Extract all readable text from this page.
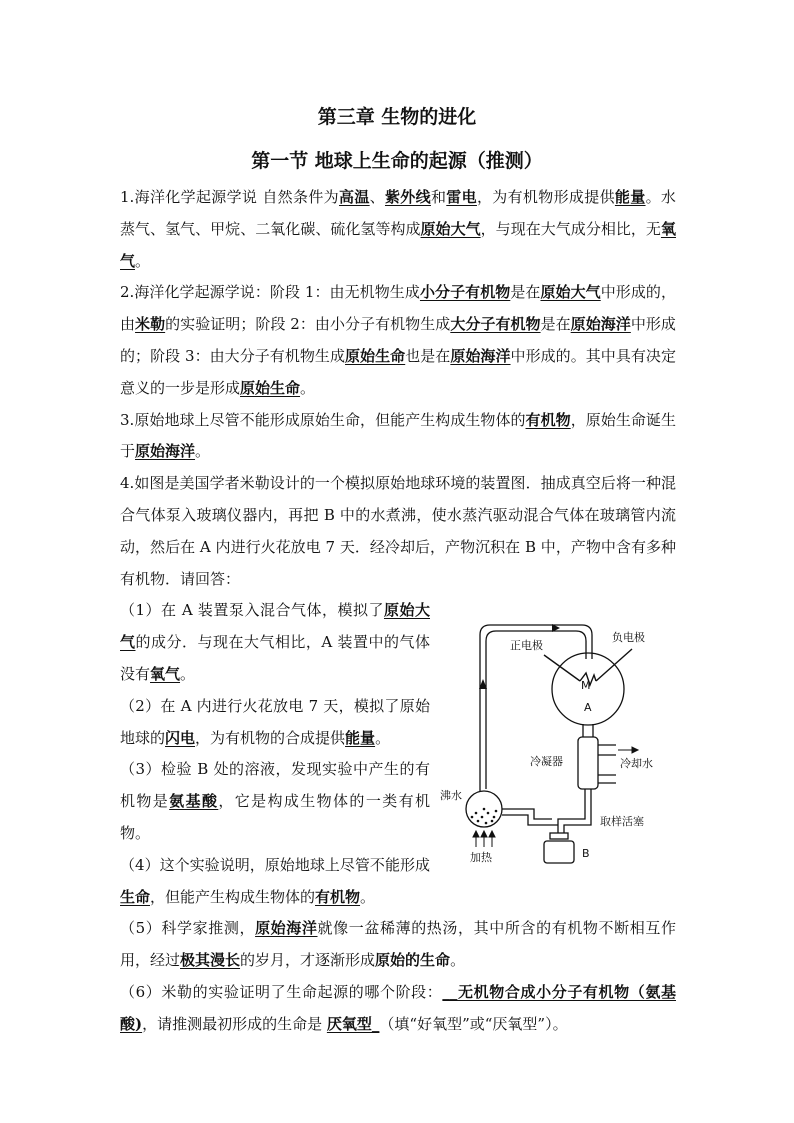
第三章 生物的进化
第一节 地球上生命的起源（推测）

1.海洋化学起源学说 自然条件为高温、紫外线和雷电，为有机物形成提供能量。水蒸气、氢气、甲烷、二氧化碳、硫化氢等构成原始大气，与现在大气成分相比，无氧气。

2.海洋化学起源学说：阶段 1：由无机物生成小分子有机物是在原始大气中形成的，由米勒的实验证明；阶段 2：由小分子有机物生成大分子有机物是在原始海洋中形成的；阶段 3：由大分子有机物生成原始生命也是在原始海洋中形成的。其中具有决定意义的一步是形成原始生命。

3.原始地球上尽管不能形成原始生命，但能产生构成生物体的有机物，原始生命诞生于原始海洋。

4.如图是美国学者米勒设计的一个模拟原始地球环境的装置图．抽成真空后将一种混合气体泵入玻璃仪器内，再把 B 中的水煮沸，使水蒸汽驱动混合气体在玻璃管内流动，然后在 A 内进行火花放电 7 天．经冷却后，产物沉积在 B 中，产物中含有多种有机物．请回答：

（1）在 A 装置泵入混合气体，模拟了原始大气的成分．与现在大气相比，A 装置中的气体没有氧气。

（2）在 A 内进行火花放电 7 天，模拟了原始地球的闪电，为有机物的合成提供能量。

（3）检验 B 处的溶液，发现实验中产生的有机物是氨基酸，它是构成生物体的一类有机物。

（4）这个实验说明，原始地球上尽管不能形成生命，但能产生构成生物体的有机物。

正电极
负电极
M
A
冷凝器	冷却水
沸水
加热
取样活塞
B

（5）科学家推测，原始海洋就像一盆稀薄的热汤，其中所含的有机物不断相互作用，经过极其漫长的岁月，才逐渐形成原始的生命。

（6）米勒的实验证明了生命起源的哪个阶段：__无机物合成小分子有机物（氨基酸)，请推测最初形成的生命是 厌氧型_（填“好氧型”或“厌氧型”）。
